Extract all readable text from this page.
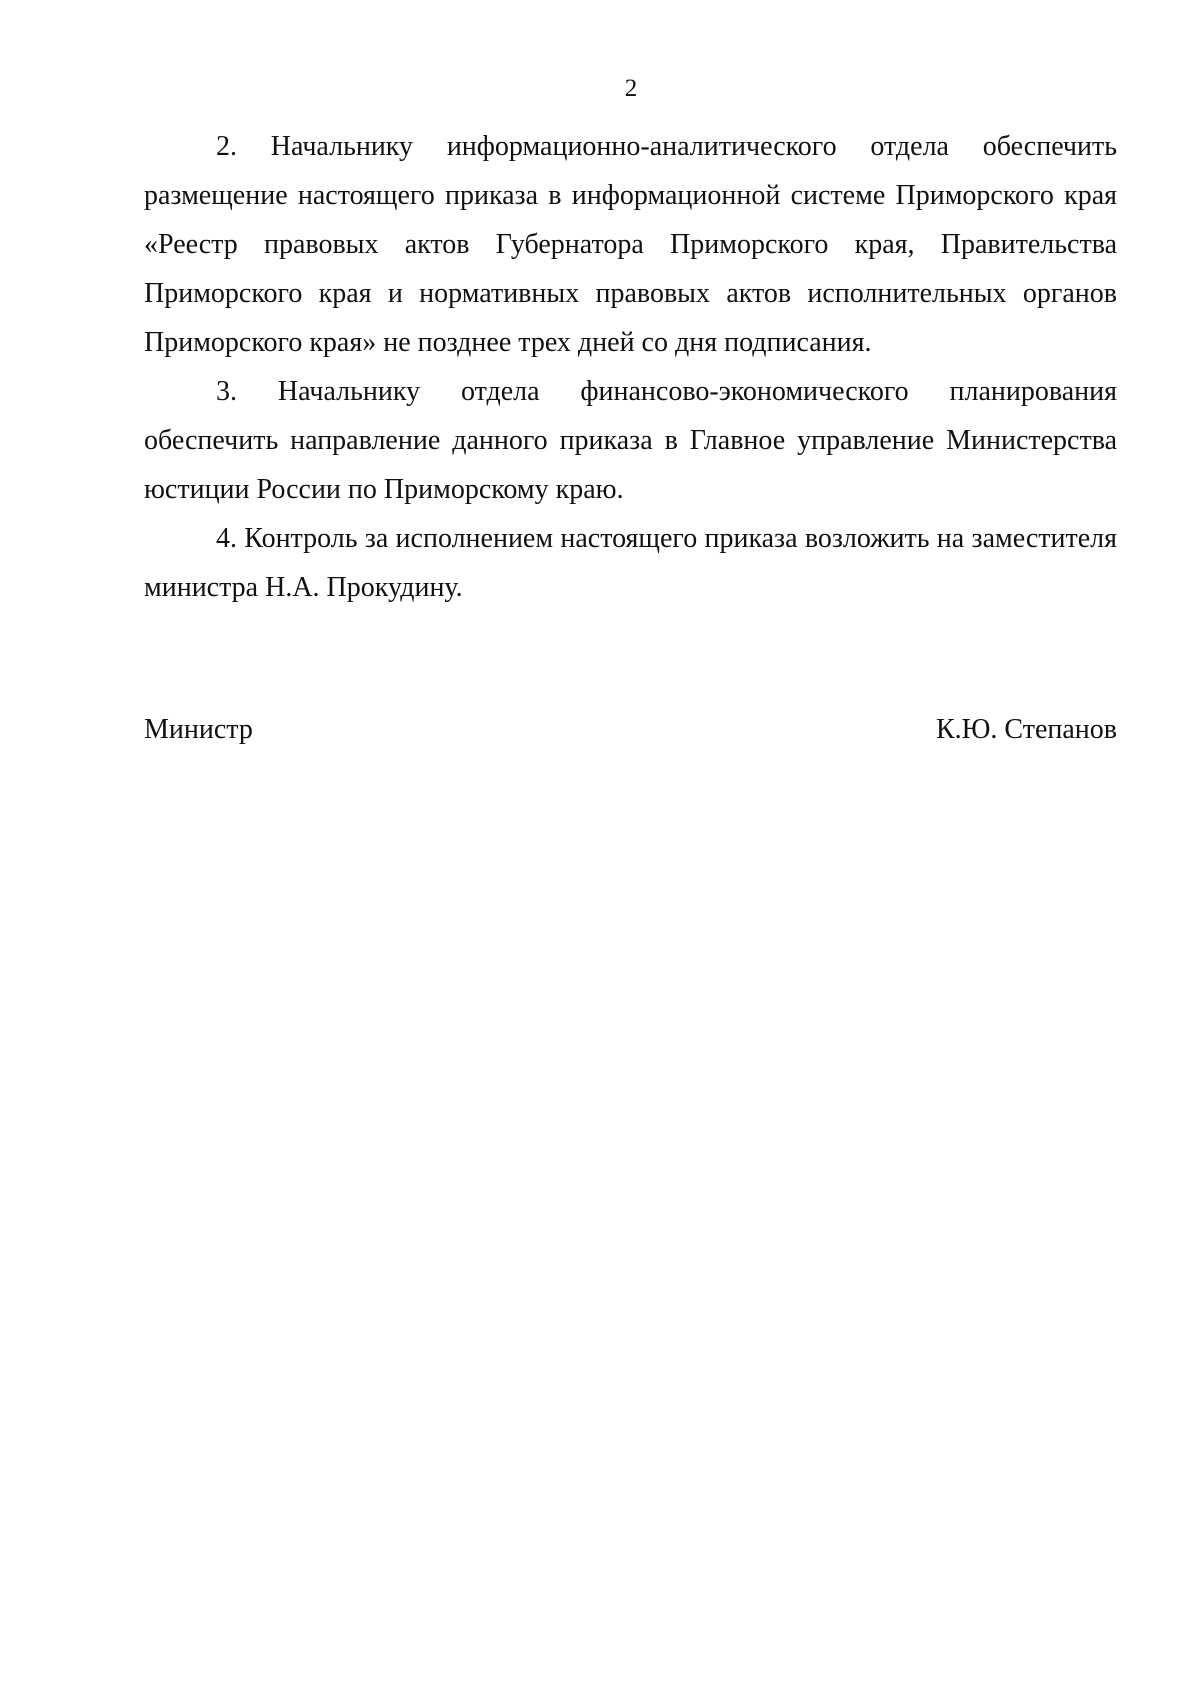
2

2. Начальнику информационно-аналитического отдела обеспечить размещение настоящего приказа в информационной системе Приморского края «Реестр правовых актов Губернатора Приморского края, Правительства Приморского края и нормативных правовых актов исполнительных органов Приморского края» не позднее трех дней со дня подписания.

3. Начальнику отдела финансово-экономического планирования обеспечить направление данного приказа в Главное управление Министерства юстиции России по Приморскому краю.

4. Контроль за исполнением настоящего приказа возложить на заместителя министра Н.А. Прокудину.

Министр	К.Ю. Степанов
